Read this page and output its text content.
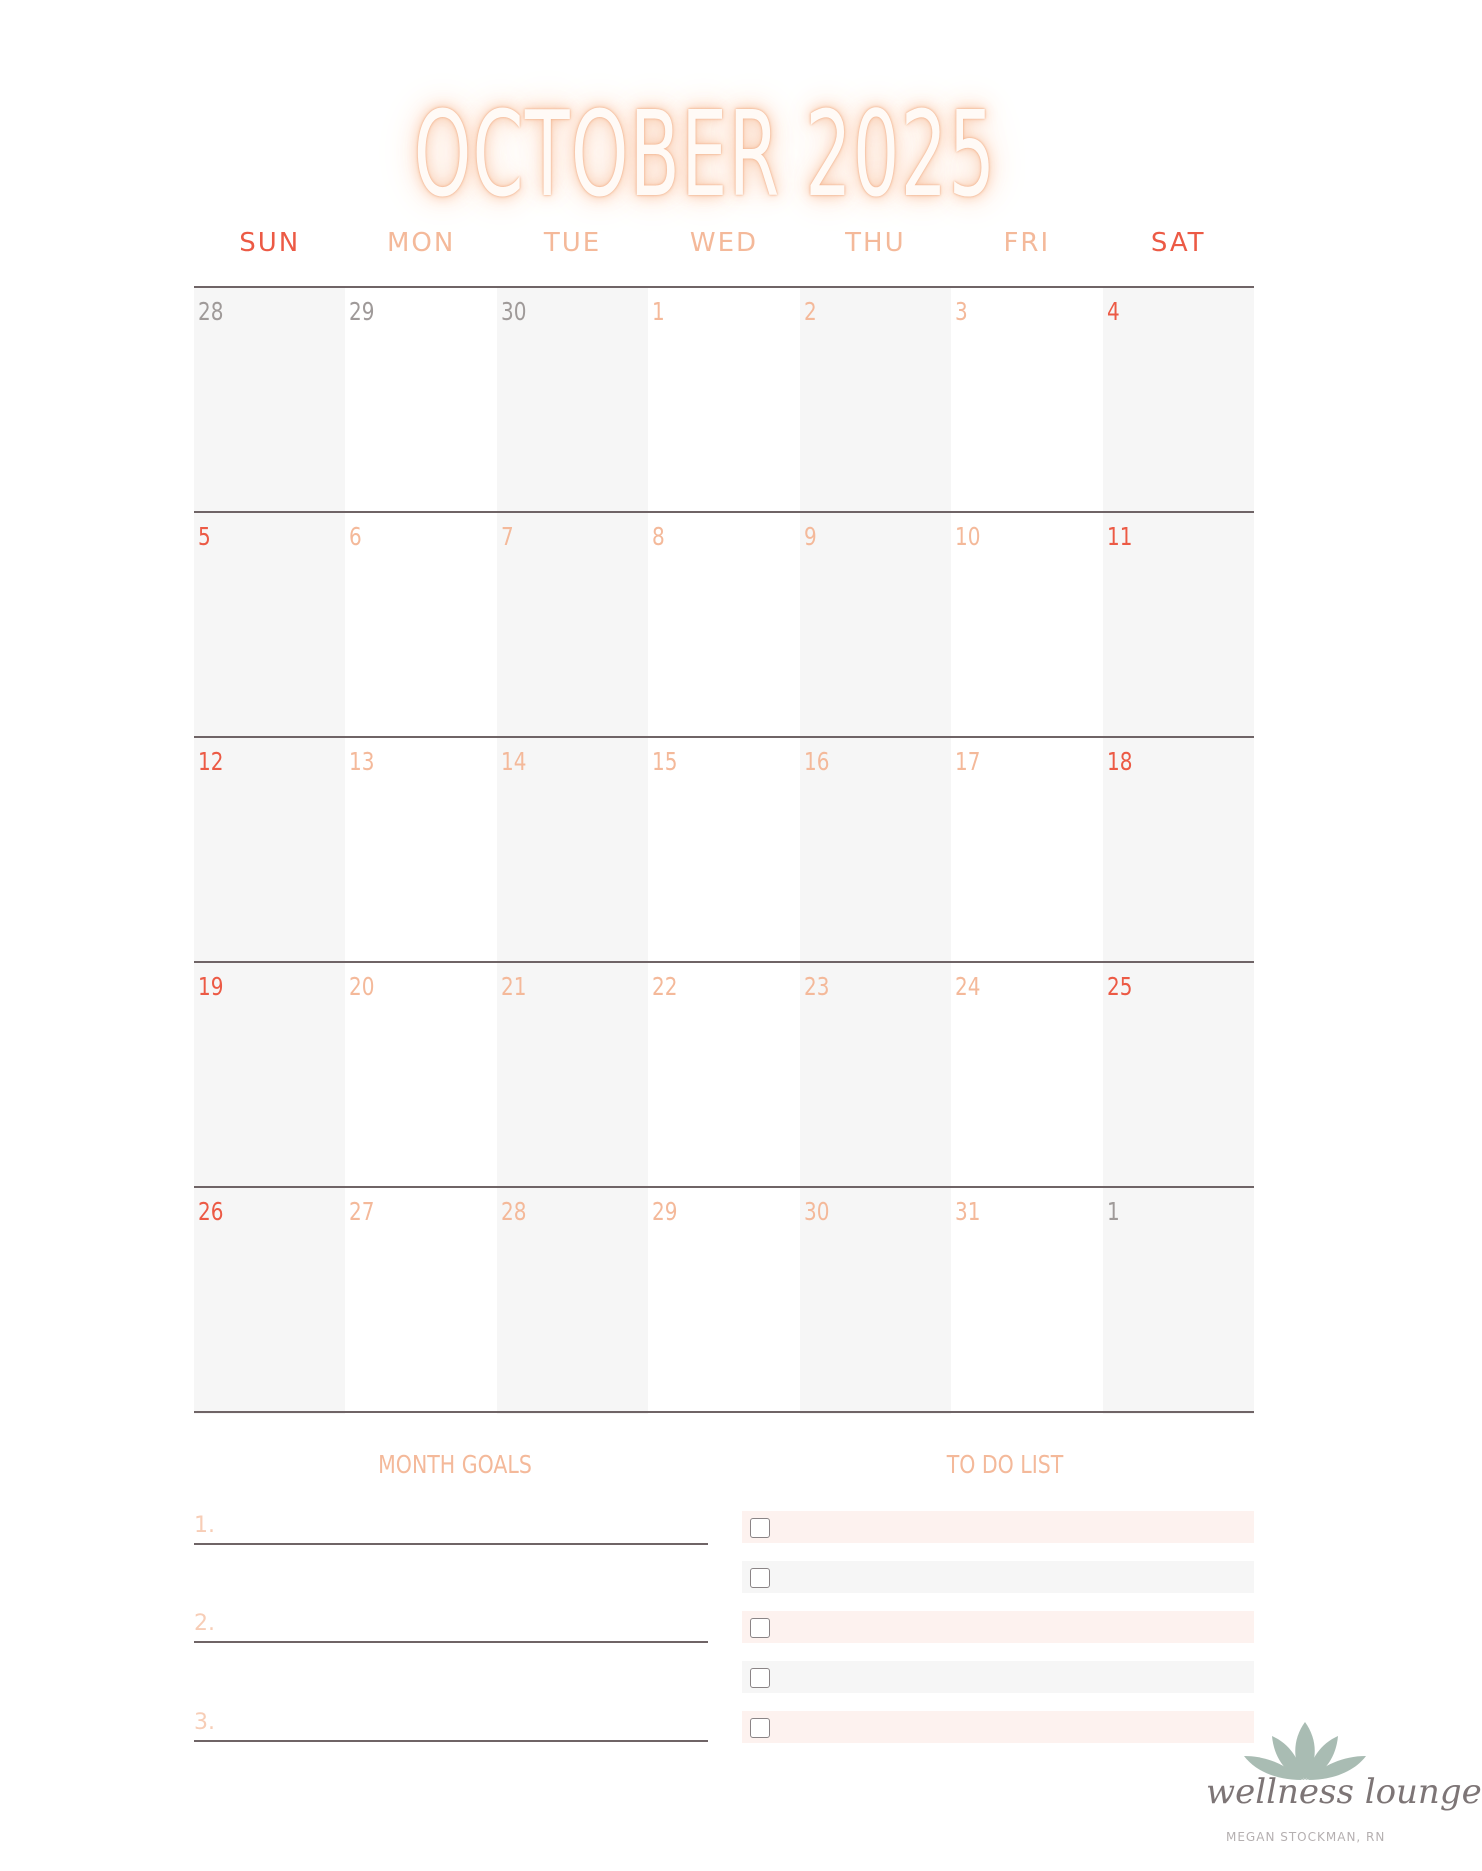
OCTOBER 2025
SUN	MON	TUE	WED	THU	FRI	SAT
28	29	30	1	2	3	4
5	6	7	8	9	10	11
12	13	14	15	16	17	18
19	20	21	22	23	24	25
26	27	28	29	30	31	1
MONTH GOALS	TO DO LIST
1.
2.
3.
wellness lounge
MEGAN STOCKMAN, RN
